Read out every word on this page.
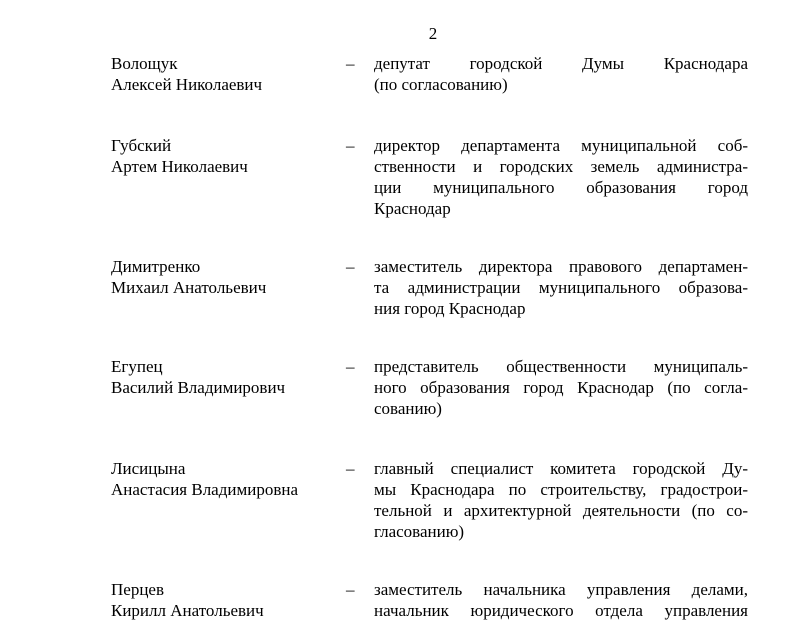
2
Волощук
Алексей Николаевич
– депутат городской Думы Краснодара
(по согласованию)
Губский
Артем Николаевич
– директор департамента муниципальной соб-
ственности и городских земель администра-
ции муниципального образования город
Краснодар
Димитренко
Михаил Анатольевич
– заместитель директора правового департамен-
та администрации муниципального образова-
ния город Краснодар
Егупец
Василий Владимирович
– представитель общественности муниципаль-
ного образования город Краснодар (по согла-
сованию)
Лисицына
Анастасия Владимировна
– главный специалист комитета городской Ду-
мы Краснодара по строительству, градострои-
тельной и архитектурной деятельности (по со-
гласованию)
Перцев
Кирилл Анатольевич
– заместитель начальника управления делами,
начальник юридического отдела управления
